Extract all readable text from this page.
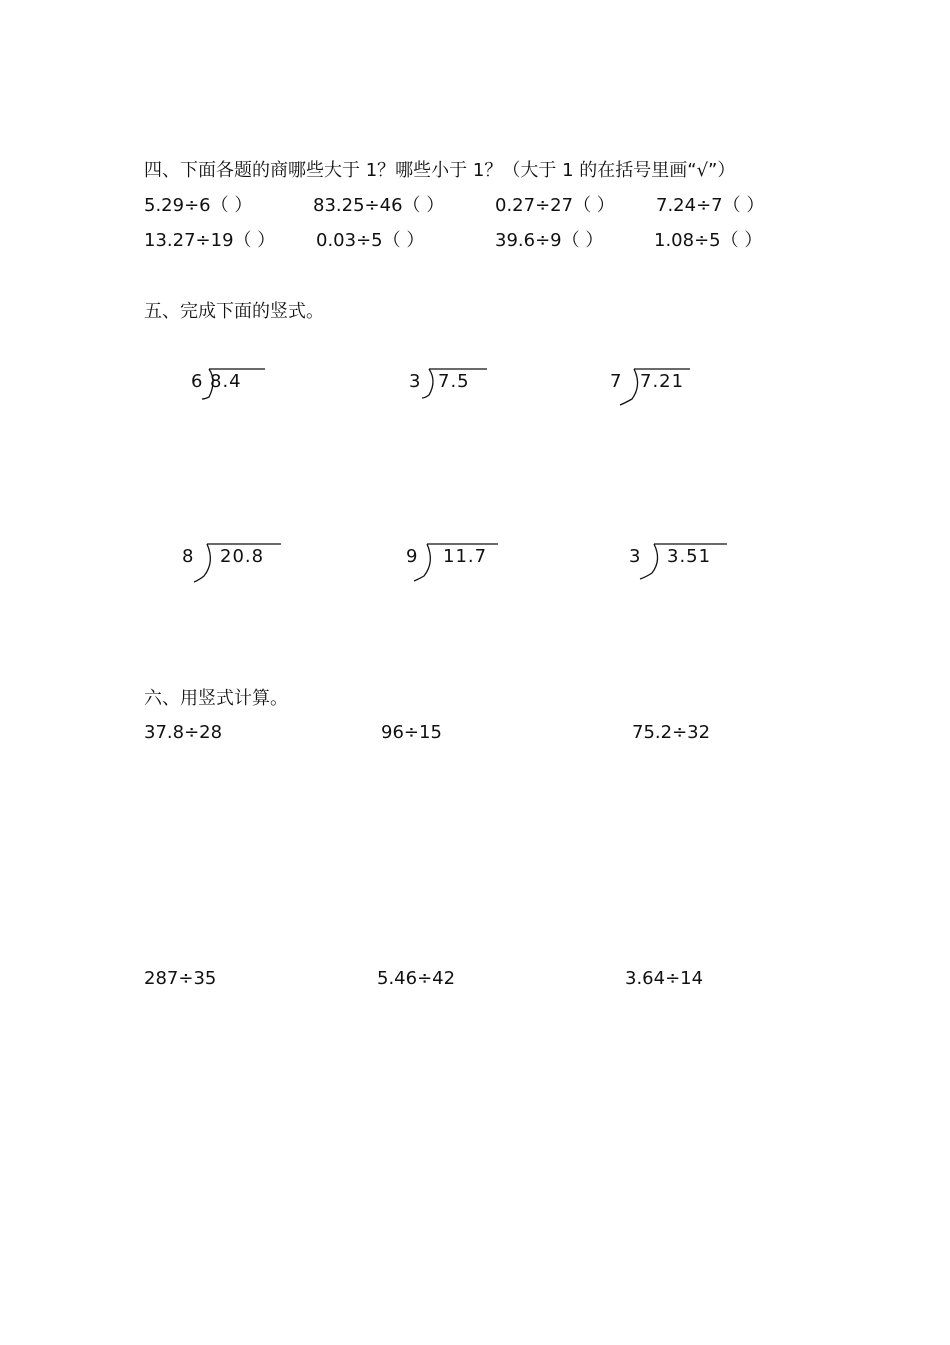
四、下面各题的商哪些大于 1？哪些小于 1？（大于 1 的在括号里画“√”）
5.29÷6（ ）	83.25÷46（ ）	0.27÷27（ ） 7.24÷7（ ）
13.27÷19（ ） 0.03÷5（ ）	39.6÷9（ ）	1.08÷5（ ）
五、完成下面的竖式。
6 8.4	3 7.5	7 7.21
8 20.8	9 11.7	3 3.51
六、用竖式计算。
37.8÷28	96÷15	75.2÷32
287÷35	5.46÷42	3.64÷14
